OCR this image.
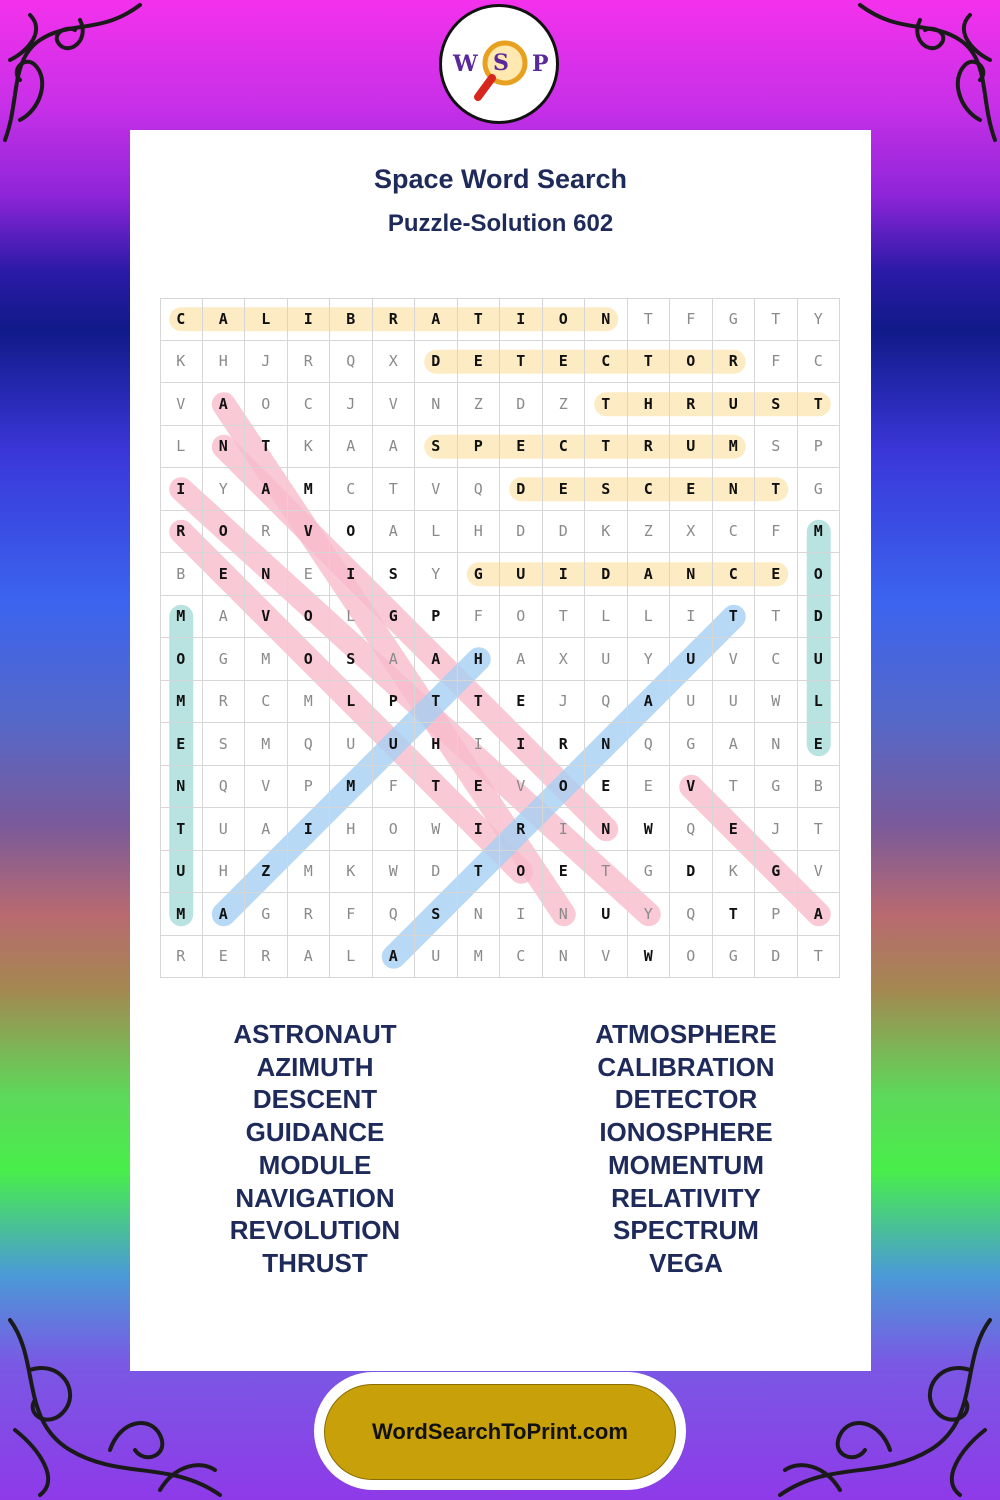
Space Word Search
Puzzle-Solution 602
C	A	L	I	B	R	A	T	I	O	N	T	F	G	T	Y
K	H	J	R	Q	X	D	E	T	E	C	T	O	R	F	C
V	A	O	C	J	V	N	Z	D	Z	T	H	R	U	S	T
L	N	T	K	A	A	S	P	E	C	T	R	U	M	S	P
I	Y	A	M	C	T	V	Q	D	E	S	C	E	N	T	G
R	O	R	V	O	A	L	H	D	D	K	Z	X	C	F	M
B	E	N	E	I	S	Y	G	U	I	D	A	N	C	E	O
M	A	V	O	L	G	P	F	O	T	L	L	I	T	T	D
O	G	M	O	S	A	A	H	A	X	U	Y	U	V	C	U
M	R	C	M	L	P	T	T	E	J	Q	A	U	U	W	L
E	S	M	Q	U	U	H	I	I	R	N	Q	G	A	N	E
N	Q	V	P	M	F	T	E	V	O	E	E	V	T	G	B
T	U	A	I	H	O	W	I	R	I	N	W	Q	E	J	T
U	H	Z	M	K	W	D	T	O	E	T	G	D	K	G	V
M	A	G	R	F	Q	S	N	I	N	U	Y	Q	T	P	A
R	E	R	A	L	A	U	M	C	N	V	W	O	G	D	T
ASTRONAUT
AZIMUTH
DESCENT
GUIDANCE
MODULE
NAVIGATION
REVOLUTION
THRUST
ATMOSPHERE
CALIBRATION
DETECTOR
IONOSPHERE
MOMENTUM
RELATIVITY
SPECTRUM
VEGA
W S P
WordSearchToPrint.com
